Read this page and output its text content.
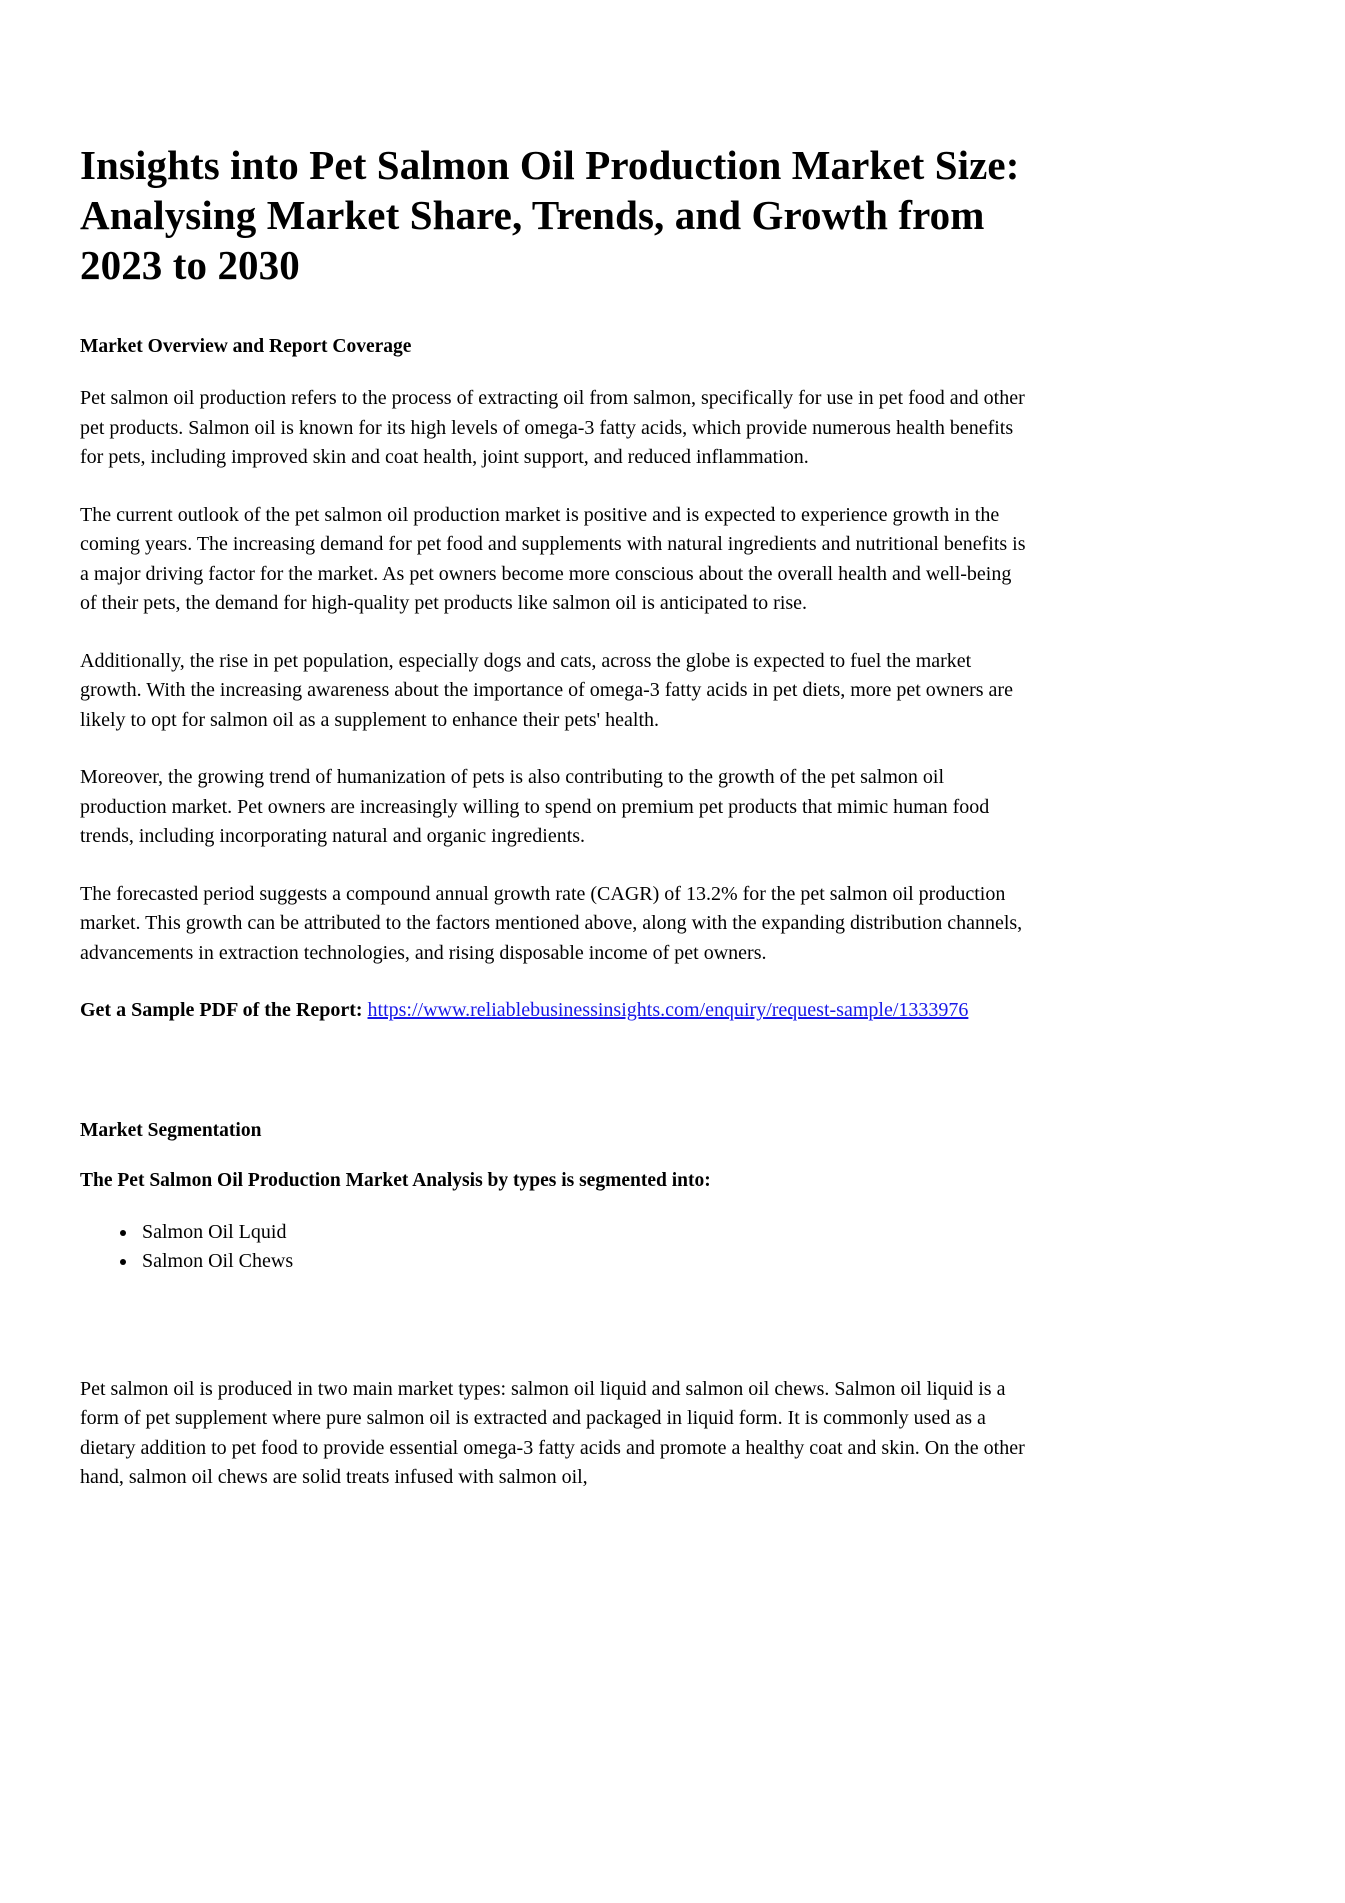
Insights into Pet Salmon Oil Production Market Size: Analysing Market Share, Trends, and Growth from 2023 to 2030
Market Overview and Report Coverage

Pet salmon oil production refers to the process of extracting oil from salmon, specifically for use in pet food and other pet products. Salmon oil is known for its high levels of omega-3 fatty acids, which provide numerous health benefits for pets, including improved skin and coat health, joint support, and reduced inflammation.

The current outlook of the pet salmon oil production market is positive and is expected to experience growth in the coming years. The increasing demand for pet food and supplements with natural ingredients and nutritional benefits is a major driving factor for the market. As pet owners become more conscious about the overall health and well-being of their pets, the demand for high-quality pet products like salmon oil is anticipated to rise.

Additionally, the rise in pet population, especially dogs and cats, across the globe is expected to fuel the market growth. With the increasing awareness about the importance of omega-3 fatty acids in pet diets, more pet owners are likely to opt for salmon oil as a supplement to enhance their pets' health.

Moreover, the growing trend of humanization of pets is also contributing to the growth of the pet salmon oil production market. Pet owners are increasingly willing to spend on premium pet products that mimic human food trends, including incorporating natural and organic ingredients.

The forecasted period suggests a compound annual growth rate (CAGR) of 13.2% for the pet salmon oil production market. This growth can be attributed to the factors mentioned above, along with the expanding distribution channels, advancements in extraction technologies, and rising disposable income of pet owners.

Get a Sample PDF of the Report: https://www.reliablebusinessinsights.com/enquiry/request-sample/1333976

Market Segmentation
The Pet Salmon Oil Production Market Analysis by types is segmented into:
• Salmon Oil Lquid
• Salmon Oil Chews

Pet salmon oil is produced in two main market types: salmon oil liquid and salmon oil chews. Salmon oil liquid is a form of pet supplement where pure salmon oil is extracted and packaged in liquid form. It is commonly used as a dietary addition to pet food to provide essential omega-3 fatty acids and promote a healthy coat and skin. On the other hand, salmon oil chews are solid treats infused with salmon oil,
